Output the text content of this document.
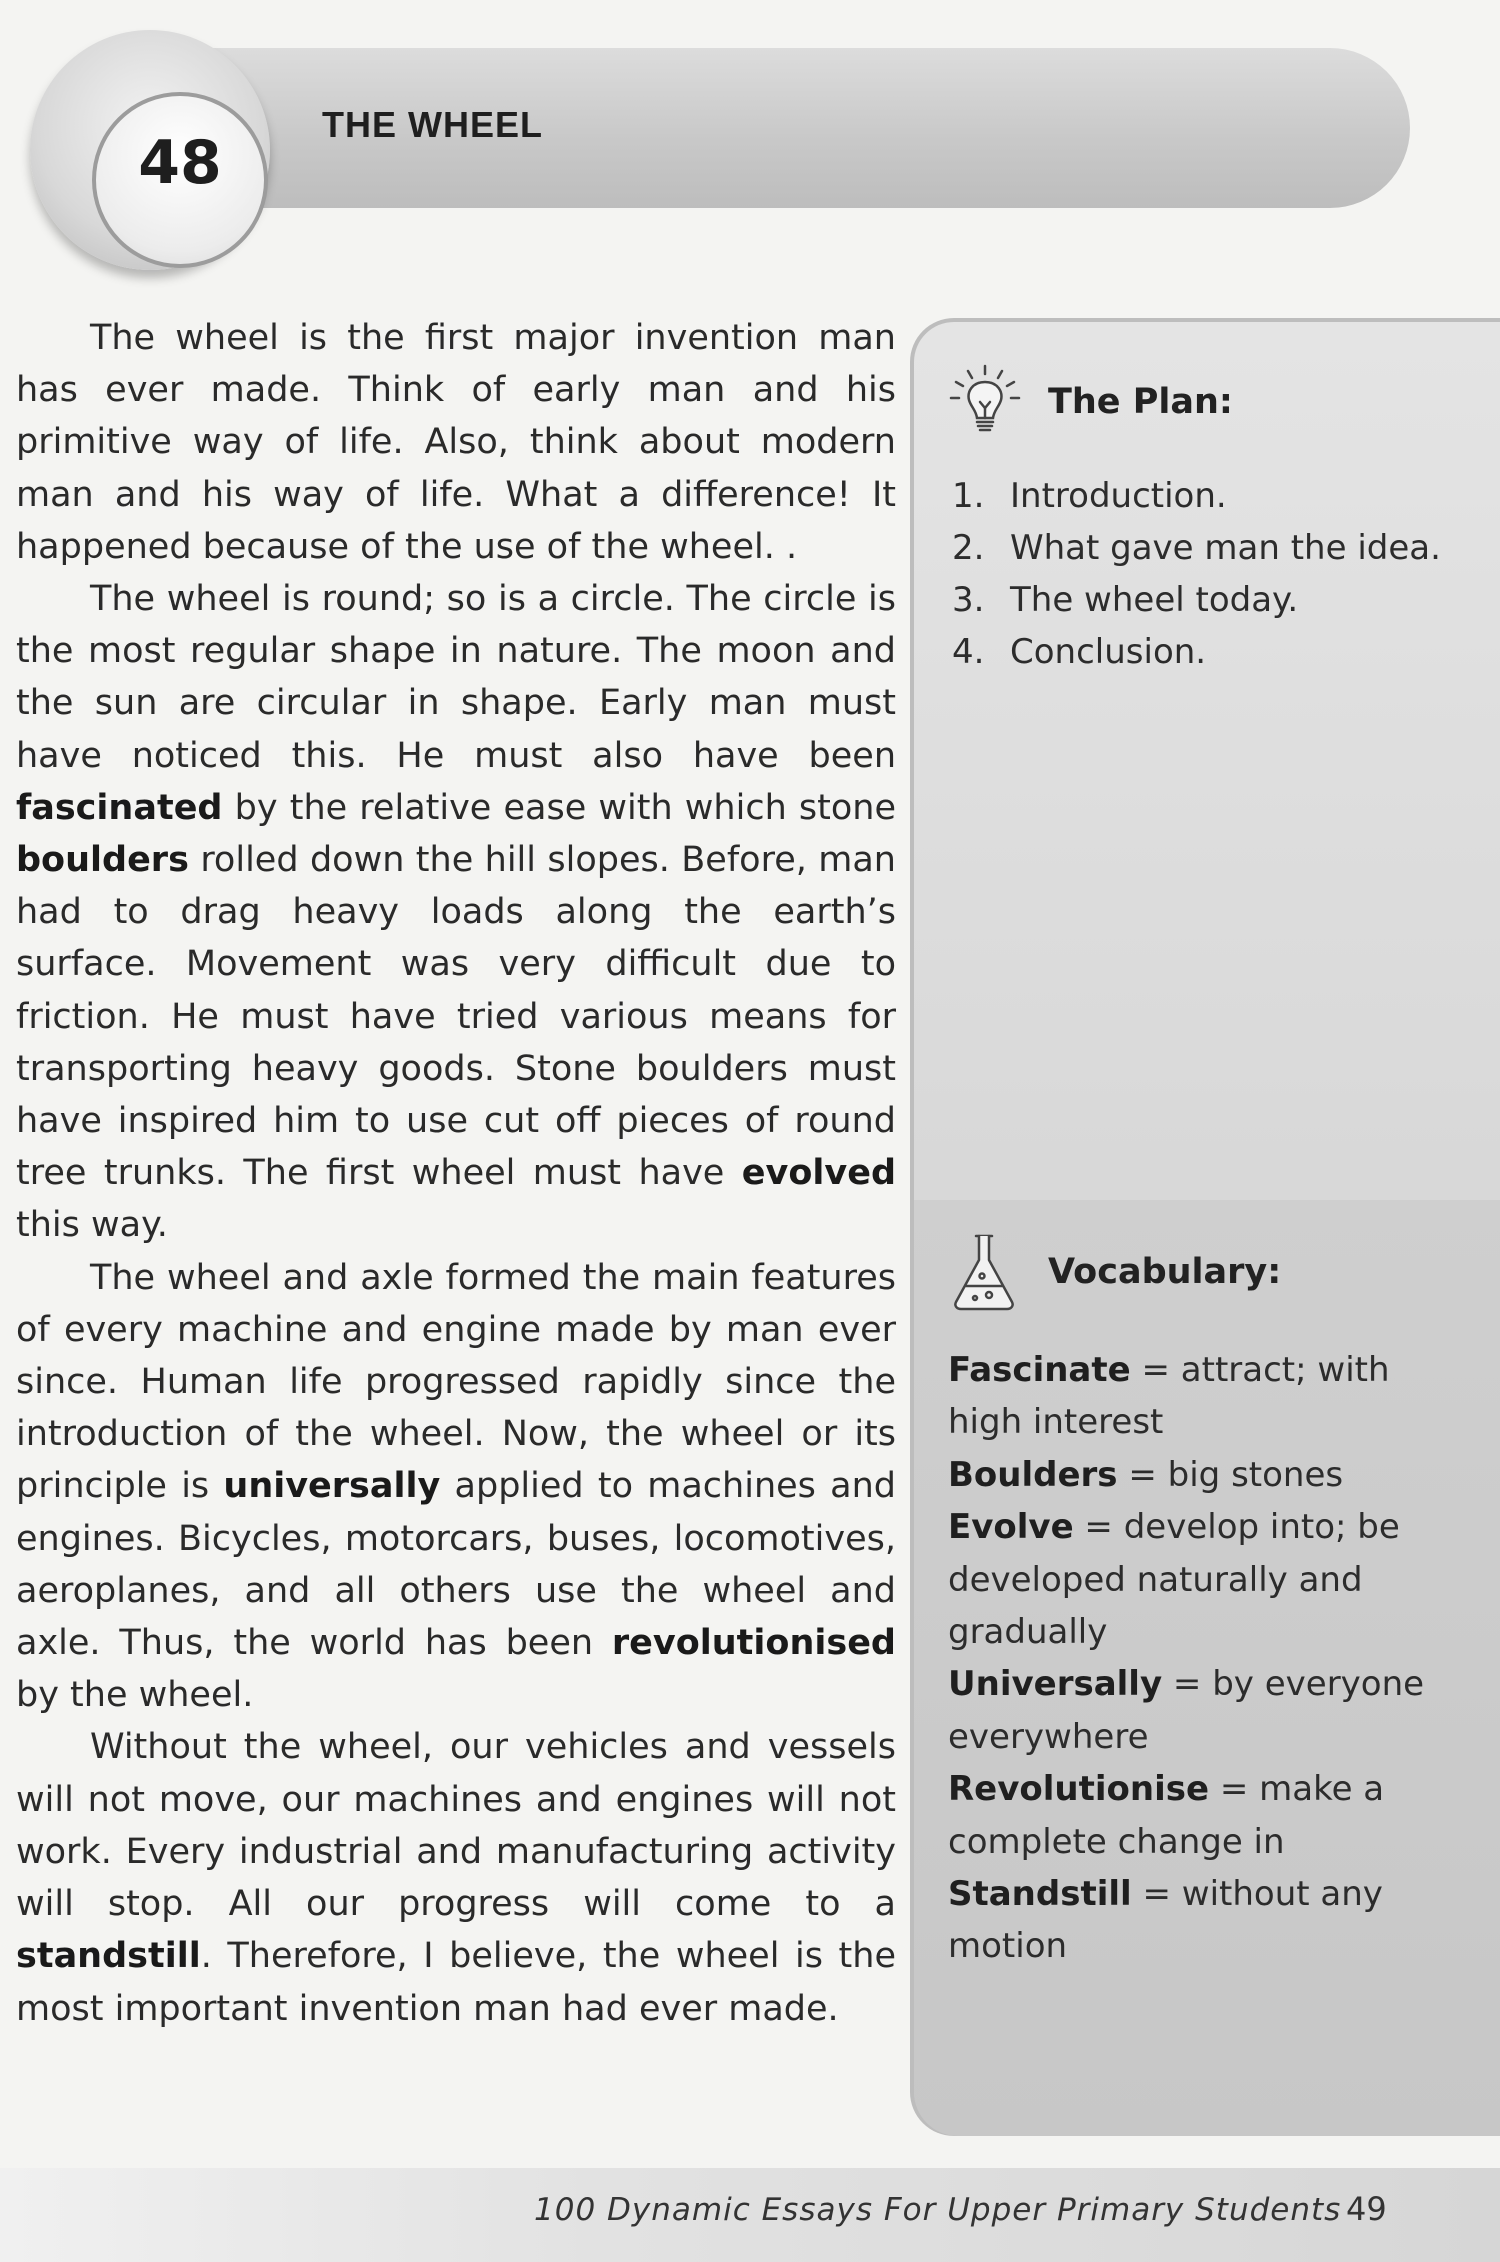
48
THE WHEEL

The wheel is the first major invention man has ever made. Think of early man and his primitive way of life. Also, think about modern man and his way of life. What a difference! It happened because of the use of the wheel. .

The wheel is round; so is a circle. The circle is the most regular shape in nature. The moon and the sun are circular in shape. Early man must have noticed this. He must also have been fascinated by the relative ease with which stone boulders rolled down the hill slopes. Before, man had to drag heavy loads along the earth’s surface. Movement was very difficult due to friction. He must have tried various means for transporting heavy goods. Stone boulders must have inspired him to use cut off pieces of round tree trunks. The first wheel must have evolved this way.

The wheel and axle formed the main features of every machine and engine made by man ever since. Human life progressed rapidly since the introduction of the wheel. Now, the wheel or its principle is universally applied to machines and engines. Bicycles, motorcars, buses, locomotives, aeroplanes, and all others use the wheel and axle. Thus, the world has been revolutionised by the wheel.

Without the wheel, our vehicles and vessels will not move, our machines and engines will not work. Every industrial and manufacturing activity will stop. All our progress will come to a standstill. Therefore, I believe, the wheel is the most important invention man had ever made.

The Plan:
1. Introduction.
2. What gave man the idea.
3. The wheel today.
4. Conclusion.
Vocabulary:

Fascinate = attract; with high interest

Boulders = big stones

Evolve = develop into; be developed naturally and gradually

Universally = by everyone everywhere

Revolutionise = make a complete change in

Standstill = without any motion

100 Dynamic Essays For Upper Primary Students 49
